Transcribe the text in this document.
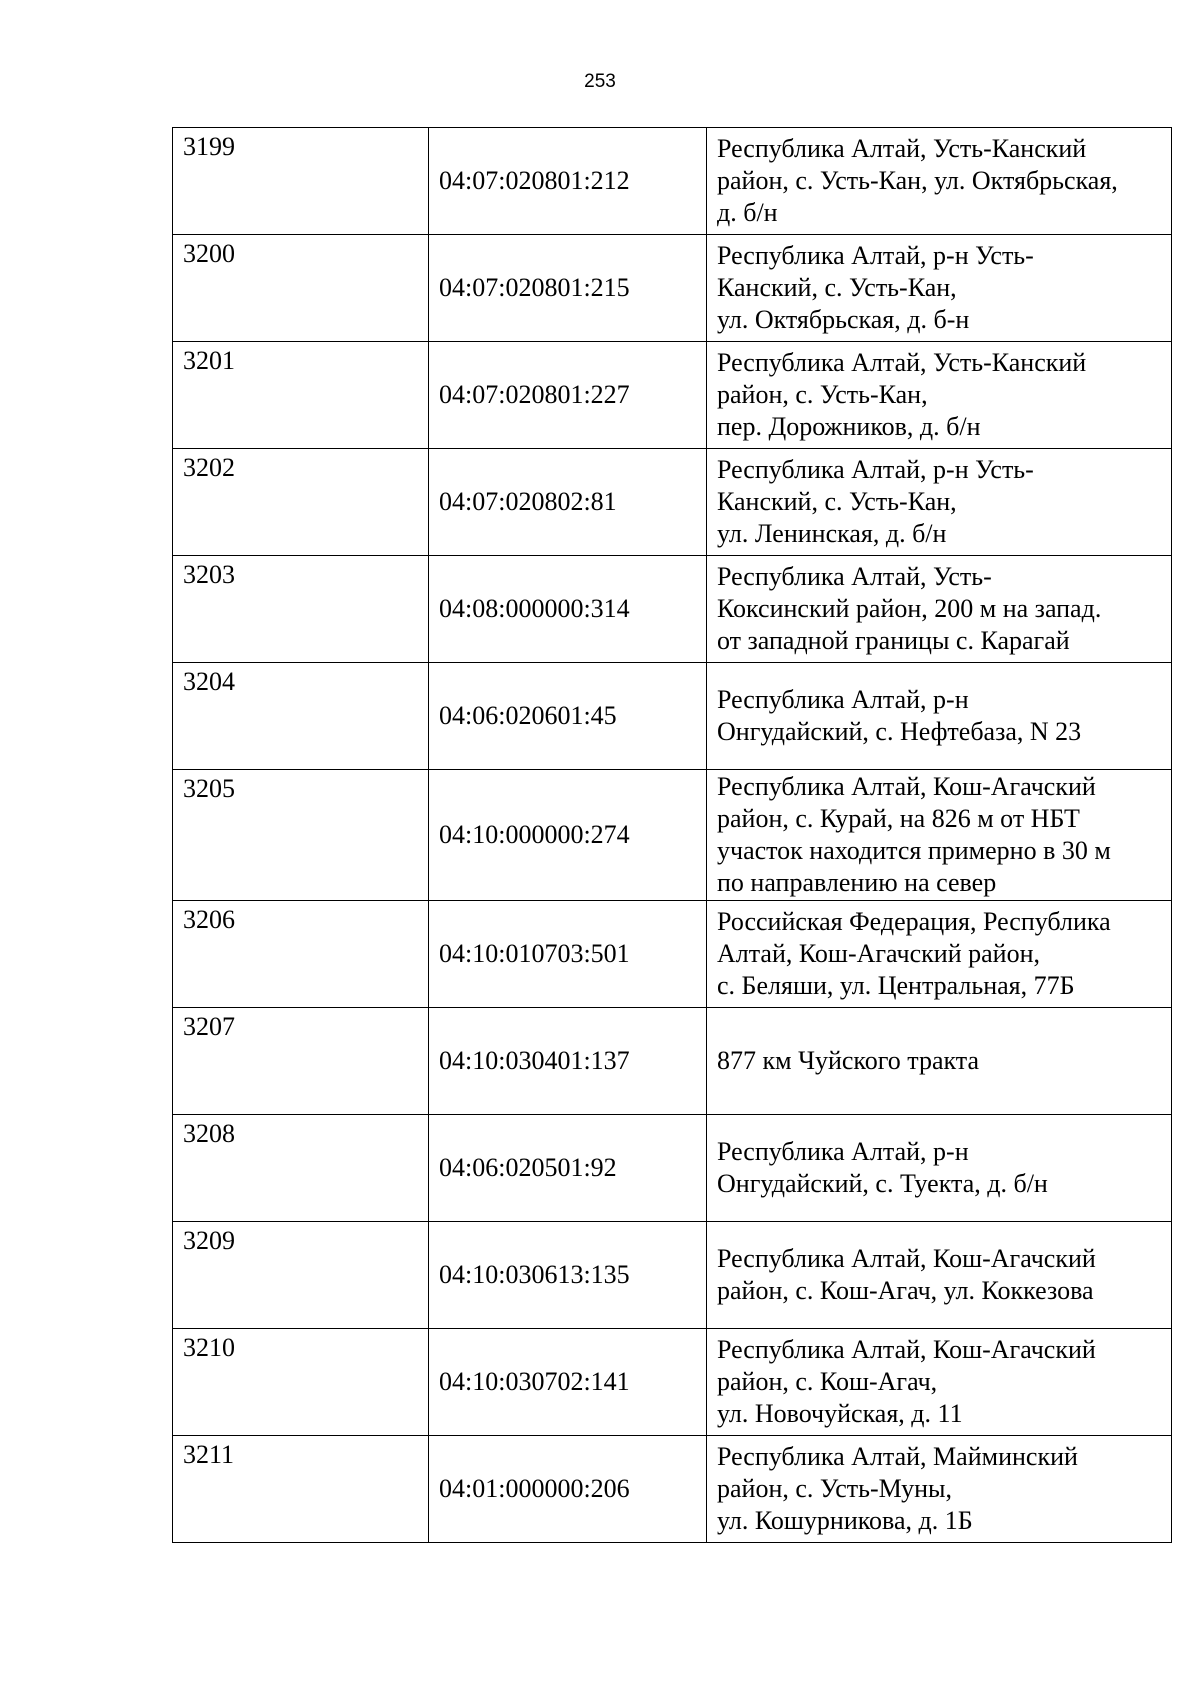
253
3199	04:07:020801:212	Республика Алтай, Усть-Канский
район, с. Усть-Кан, ул. Октябрьская,
д. б/н

3200	04:07:020801:215	Республика Алтай, р-н Усть-
Канский, с. Усть-Кан,
ул. Октябрьская, д. б-н

3201	04:07:020801:227	Республика Алтай, Усть-Канский
район, с. Усть-Кан,
пер. Дорожников, д. б/н

3202	04:07:020802:81	Республика Алтай, р-н Усть-
Канский, с. Усть-Кан,
ул. Ленинская, д. б/н

3203	04:08:000000:314	Республика Алтай, Усть-
Коксинский район, 200 м на запад.
от западной границы с. Карагай

3204	04:06:020601:45	Республика Алтай, р-н
Онгудайский, с. Нефтебаза, N 23

3205	04:10:000000:274	Республика Алтай, Кош-Агачский
район, с. Курай, на 826 м от НБТ
участок находится примерно в 30 м
по направлению на север

3206	04:10:010703:501	Российская Федерация, Республика
Алтай, Кош-Агачский район,
с. Беляши, ул. Центральная, 77Б

3207	04:10:030401:137	877 км Чуйского тракта

3208	04:06:020501:92	Республика Алтай, р-н
Онгудайский, с. Туекта, д. б/н

3209	04:10:030613:135	Республика Алтай, Кош-Агачский
район, с. Кош-Агач, ул. Коккезова

3210	04:10:030702:141	Республика Алтай, Кош-Агачский
район, с. Кош-Агач,
ул. Новочуйская, д. 11

3211	04:01:000000:206	Республика Алтай, Майминский
район, с. Усть-Муны,
ул. Кошурникова, д. 1Б
